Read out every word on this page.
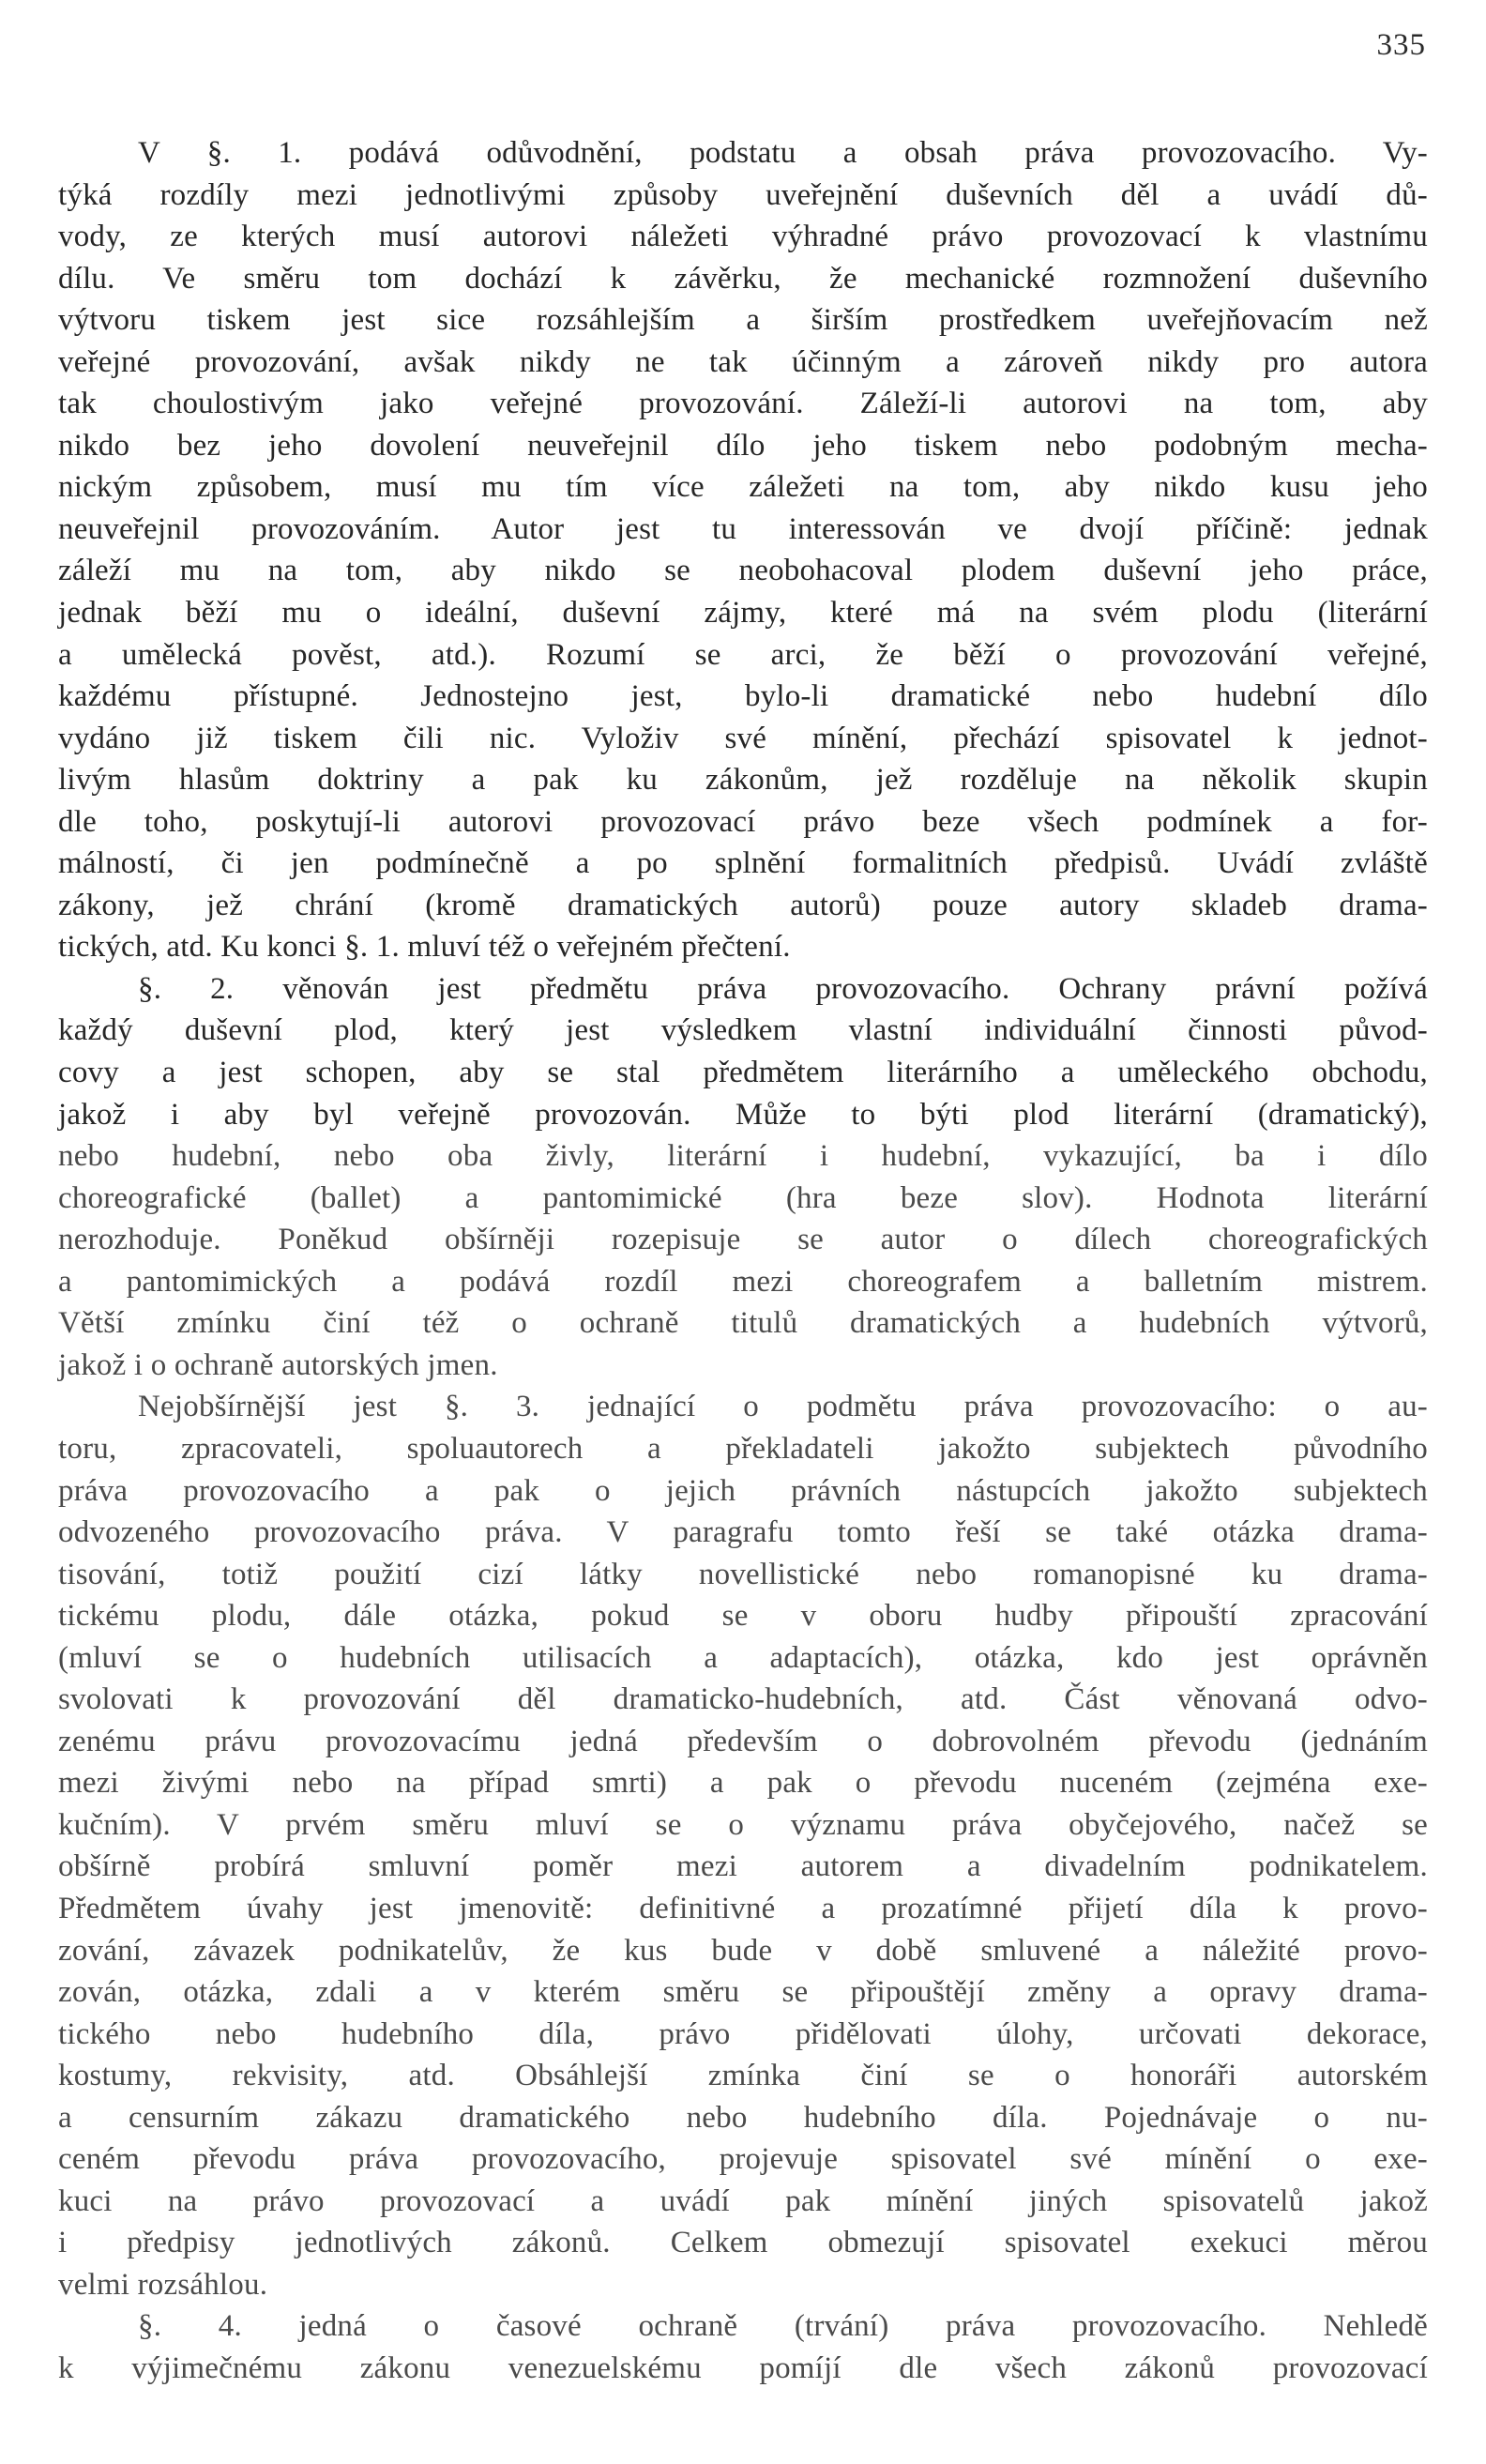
335
V §. 1. podává odůvodnění, podstatu a obsah práva provozovacího. Vy-
týká rozdíly mezi jednotlivými způsoby uveřejnění duševních děl a uvádí dů-
vody, ze kterých musí autorovi náležeti výhradné právo provozovací k vlastnímu
dílu. Ve směru tom dochází k závěrku, že mechanické rozmnožení duševního
výtvoru tiskem jest sice rozsáhlejším a širším prostředkem uveřejňovacím než
veřejné provozování, avšak nikdy ne tak účinným a zároveň nikdy pro autora
tak choulostivým jako veřejné provozování. Záleží-li autorovi na tom, aby
nikdo bez jeho dovolení neuveřejnil dílo jeho tiskem nebo podobným mecha-
nickým způsobem, musí mu tím více záležeti na tom, aby nikdo kusu jeho
neuveřejnil provozováním. Autor jest tu interessován ve dvojí příčině: jednak
záleží mu na tom, aby nikdo se neobohacoval plodem duševní jeho práce,
jednak běží mu o ideální, duševní zájmy, které má na svém plodu (literární
a umělecká pověst, atd.). Rozumí se arci, že běží o provozování veřejné,
každému přístupné. Jednostejno jest, bylo-li dramatické nebo hudební dílo
vydáno již tiskem čili nic. Vyloživ své mínění, přechází spisovatel k jednot-
livým hlasům doktriny a pak ku zákonům, jež rozděluje na několik skupin
dle toho, poskytují-li autorovi provozovací právo beze všech podmínek a for-
málností, či jen podmínečně a po splnění formalitních předpisů. Uvádí zvláště
zákony, jež chrání (kromě dramatických autorů) pouze autory skladeb drama-
tických, atd. Ku konci §. 1. mluví též o veřejném přečtení.
§. 2. věnován jest předmětu práva provozovacího. Ochrany právní požívá
každý duševní plod, který jest výsledkem vlastní individuální činnosti původ-
covy a jest schopen, aby se stal předmětem literárního a uměleckého obchodu,
jakož i aby byl veřejně provozován. Může to býti plod literární (dramatický),
nebo hudební, nebo oba živly, literární i hudební, vykazující, ba i dílo
choreografické (ballet) a pantomimické (hra beze slov). Hodnota literární
nerozhoduje. Poněkud obšírněji rozepisuje se autor o dílech choreografických
a pantomimických a podává rozdíl mezi choreografem a balletním mistrem.
Větší zmínku činí též o ochraně titulů dramatických a hudebních výtvorů,
jakož i o ochraně autorských jmen.
Nejobšírnější jest §. 3. jednající o podmětu práva provozovacího: o au-
toru, zpracovateli, spoluautorech a překladateli jakožto subjektech původního
práva provozovacího a pak o jejich právních nástupcích jakožto subjektech
odvozeného provozovacího práva. V paragrafu tomto řeší se také otázka drama-
tisování, totiž použití cizí látky novellistické nebo romanopisné ku drama-
tickému plodu, dále otázka, pokud se v oboru hudby připouští zpracování
(mluví se o hudebních utilisacích a adaptacích), otázka, kdo jest oprávněn
svolovati k provozování děl dramaticko-hudebních, atd. Část věnovaná odvo-
zenému právu provozovacímu jedná především o dobrovolném převodu (jednáním
mezi živými nebo na případ smrti) a pak o převodu nuceném (zejména exe-
kučním). V prvém směru mluví se o významu práva obyčejového, načež se
obšírně probírá smluvní poměr mezi autorem a divadelním podnikatelem.
Předmětem úvahy jest jmenovitě: definitivné a prozatímné přijetí díla k provo-
zování, závazek podnikatelův, že kus bude v době smluvené a náležité provo-
zován, otázka, zdali a v kterém směru se připouštějí změny a opravy drama-
tického nebo hudebního díla, právo přidělovati úlohy, určovati dekorace,
kostumy, rekvisity, atd. Obsáhlejší zmínka činí se o honoráři autorském
a censurním zákazu dramatického nebo hudebního díla. Pojednávaje o nu-
ceném převodu práva provozovacího, projevuje spisovatel své mínění o exe-
kuci na právo provozovací a uvádí pak mínění jiných spisovatelů jakož
i předpisy jednotlivých zákonů. Celkem obmezují spisovatel exekuci měrou
velmi rozsáhlou.
§. 4. jedná o časové ochraně (trvání) práva provozovacího. Nehledě
k výjimečnému zákonu venezuelskému pomíjí dle všech zákonů provozovací
